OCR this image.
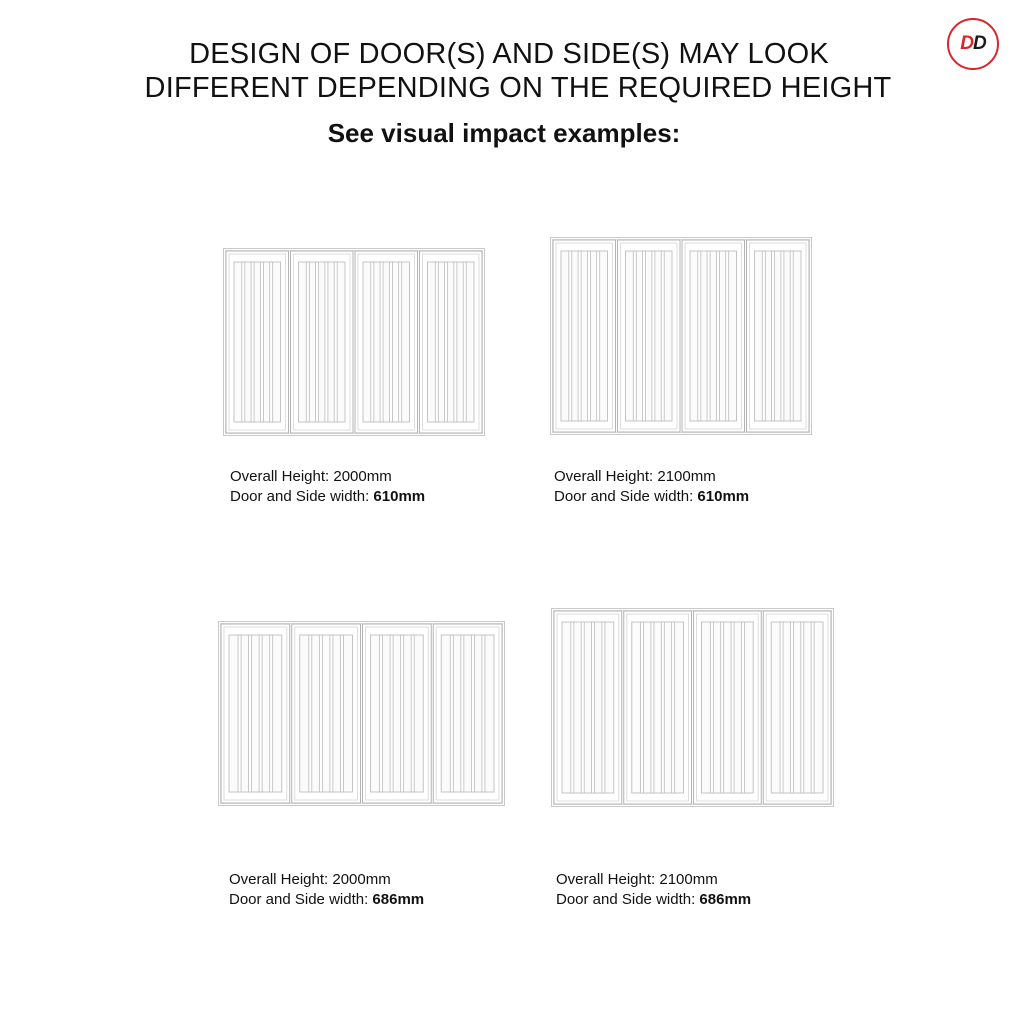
DD
DESIGN OF DOOR(S) AND SIDE(S) MAY LOOK
DIFFERENT DEPENDING ON THE REQUIRED HEIGHT
See visual impact examples:
Overall Height: 2000mm
Door and Side width: 610mm
Overall Height: 2100mm
Door and Side width: 610mm
Overall Height: 2000mm
Door and Side width: 686mm
Overall Height: 2100mm
Door and Side width: 686mm
